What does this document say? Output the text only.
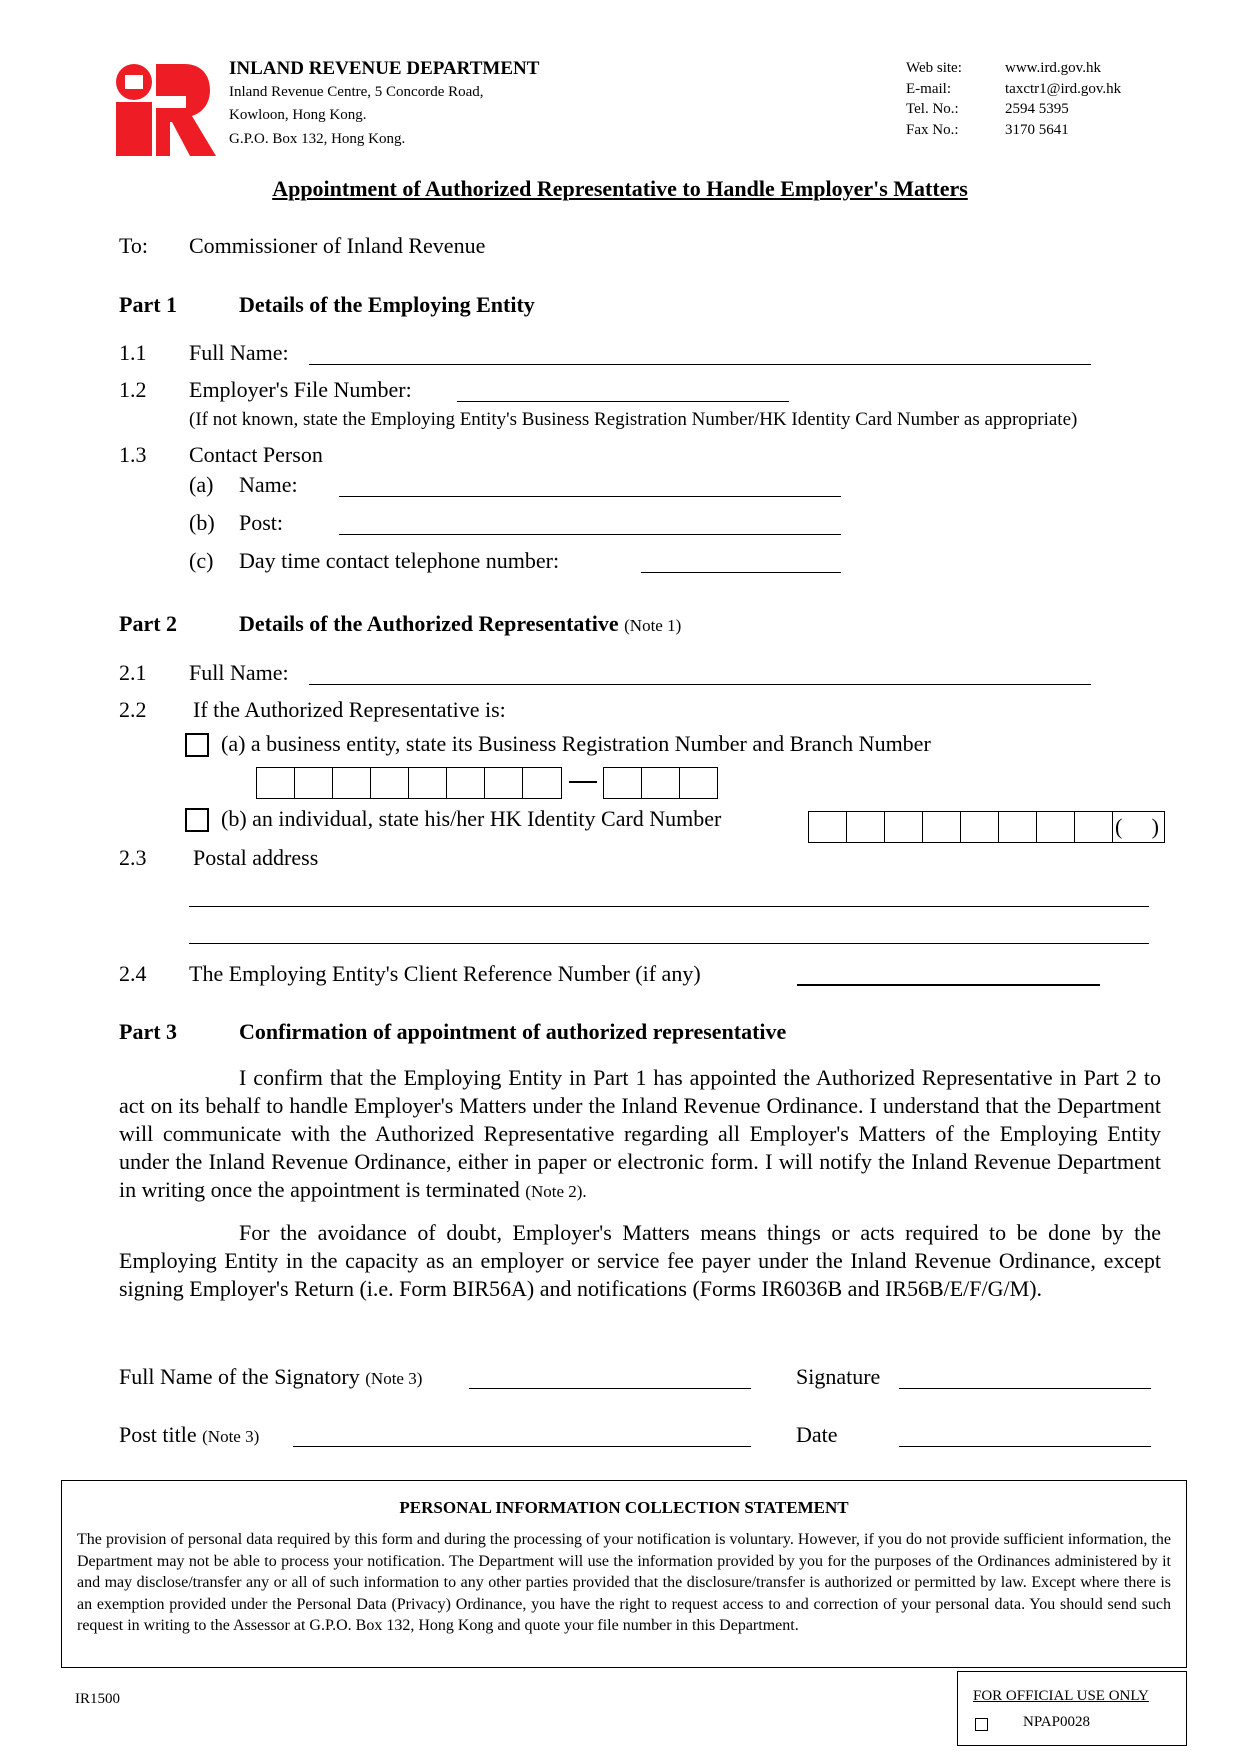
INLAND REVENUE DEPARTMENT
Inland Revenue Centre, 5 Concorde Road,
Kowloon, Hong Kong.
G.P.O. Box 132, Hong Kong.
Web site:	www.ird.gov.hk
E-mail:	taxctr1@ird.gov.hk
Tel. No.:	2594 5395
Fax No.:	3170 5641
Appointment of Authorized Representative to Handle Employer's Matters
To: Commissioner of Inland Revenue
Part 1	Details of the Employing Entity
1.1 Full Name:
1.2 Employer's File Number:
(If not known, state the Employing Entity's Business Registration Number/HK Identity Card Number as appropriate)
1.3 Contact Person
(a) Name:
(b) Post:
(c) Day time contact telephone number:
Part 2	Details of the Authorized Representative (Note 1)
2.1 Full Name:
2.2 If the Authorized Representative is:
(a) a business entity, state its Business Registration Number and Branch Number
(b) an individual, state his/her HK Identity Card Number	( )
2.3 Postal address
2.4 The Employing Entity's Client Reference Number (if any)
Part 3	Confirmation of appointment of authorized representative
I confirm that the Employing Entity in Part 1 has appointed the Authorized Representative in Part 2 to act on its behalf to handle Employer's Matters under the Inland Revenue Ordinance. I understand that the Department will communicate with the Authorized Representative regarding all Employer's Matters of the Employing Entity under the Inland Revenue Ordinance, either in paper or electronic form. I will notify the Inland Revenue Department in writing once the appointment is terminated (Note 2).
For the avoidance of doubt, Employer's Matters means things or acts required to be done by the Employing Entity in the capacity as an employer or service fee payer under the Inland Revenue Ordinance, except signing Employer's Return (i.e. Form BIR56A) and notifications (Forms IR6036B and IR56B/E/F/G/M).
Full Name of the Signatory (Note 3)	Signature
Post title (Note 3)	Date
PERSONAL INFORMATION COLLECTION STATEMENT
The provision of personal data required by this form and during the processing of your notification is voluntary. However, if you do not provide sufficient information, the Department may not be able to process your notification. The Department will use the information provided by you for the purposes of the Ordinances administered by it and may disclose/transfer any or all of such information to any other parties provided that the disclosure/transfer is authorized or permitted by law. Except where there is an exemption provided under the Personal Data (Privacy) Ordinance, you have the right to request access to and correction of your personal data. You should send such request in writing to the Assessor at G.P.O. Box 132, Hong Kong and quote your file number in this Department.
IR1500	FOR OFFICIAL USE ONLY
NPAP0028
